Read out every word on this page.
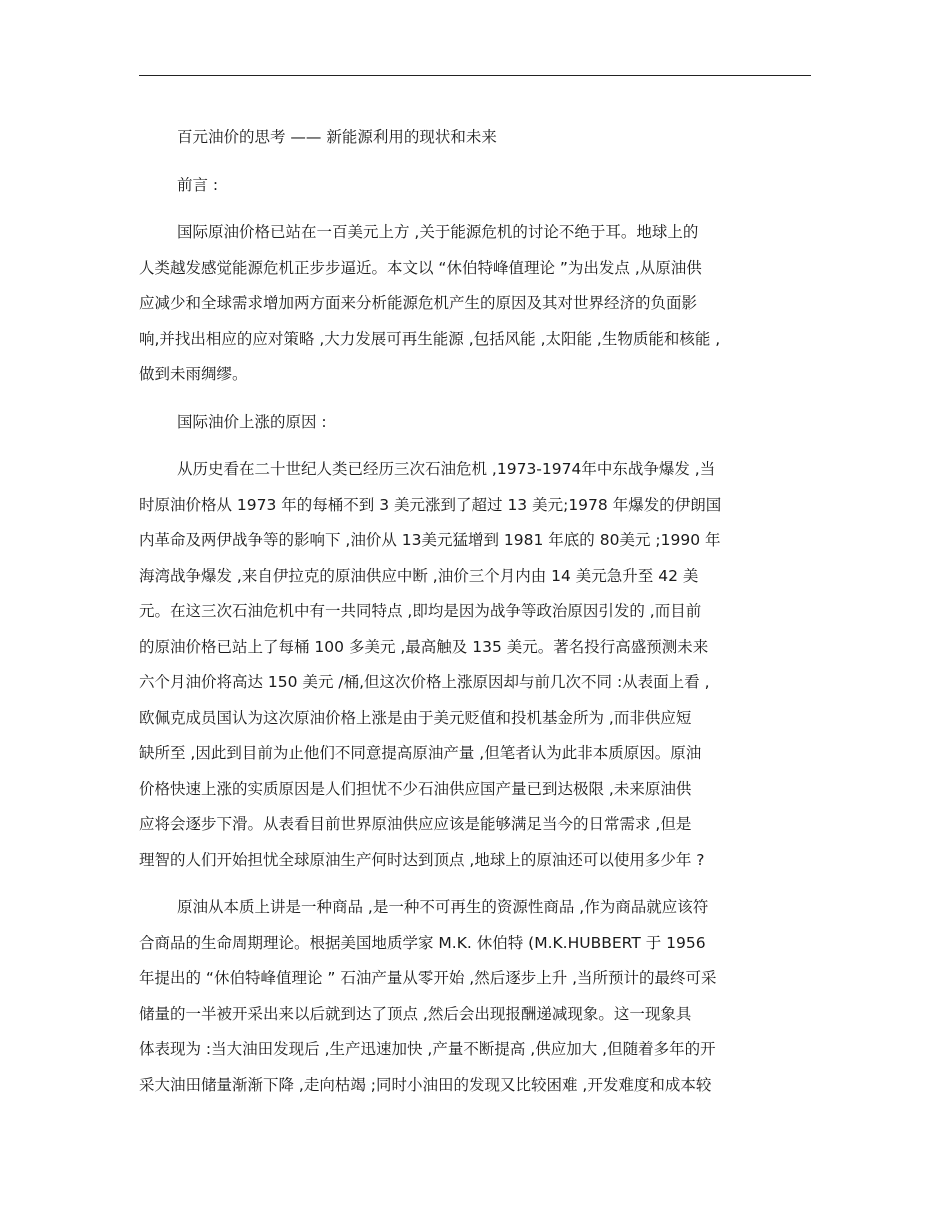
百元油价的思考 —— 新能源利用的现状和未来
前言 :
国际原油价格已站在一百美元上方 ,关于能源危机的讨论不绝于耳。地球上的
人类越发感觉能源危机正步步逼近。本文以 “休伯特峰值理论 ”为出发点 ,从原油供
应减少和全球需求增加两方面来分析能源危机产生的原因及其对世界经济的负面影
响,并找出相应的应对策略 ,大力发展可再生能源 ,包括风能 ,太阳能 ,生物质能和核能 ,
做到未雨绸缪。
国际油价上涨的原因 :
从历史看在二十世纪人类已经历三次石油危机 ,1973-1974年中东战争爆发 ,当
时原油价格从 1973 年的每桶不到 3 美元涨到了超过 13 美元;1978 年爆发的伊朗国
内革命及两伊战争等的影响下 ,油价从 13美元猛增到 1981 年底的 80美元 ;1990 年
海湾战争爆发 ,来自伊拉克的原油供应中断 ,油价三个月内由 14 美元急升至 42 美
元。在这三次石油危机中有一共同特点 ,即均是因为战争等政治原因引发的 ,而目前
的原油价格已站上了每桶 100 多美元 ,最高触及 135 美元。著名投行高盛预测未来
六个月油价将高达 150 美元 /桶,但这次价格上涨原因却与前几次不同 :从表面上看 ,
欧佩克成员国认为这次原油价格上涨是由于美元贬值和投机基金所为 ,而非供应短
缺所至 ,因此到目前为止他们不同意提高原油产量 ,但笔者认为此非本质原因。原油
价格快速上涨的实质原因是人们担忧不少石油供应国产量已到达极限 ,未来原油供
应将会逐步下滑。从表看目前世界原油供应应该是能够满足当今的日常需求 ,但是
理智的人们开始担忧全球原油生产何时达到顶点 ,地球上的原油还可以使用多少年 ?
原油从本质上讲是一种商品 ,是一种不可再生的资源性商品 ,作为商品就应该符
合商品的生命周期理论。根据美国地质学家 M.K. 休伯特 (M.K.HUBBERT 于 1956
年提出的 “休伯特峰值理论 ” 石油产量从零开始 ,然后逐步上升 ,当所预计的最终可采
储量的一半被开采出来以后就到达了顶点 ,然后会出现报酬递减现象。这一现象具
体表现为 :当大油田发现后 ,生产迅速加快 ,产量不断提高 ,供应加大 ,但随着多年的开
采大油田储量渐渐下降 ,走向枯竭 ;同时小油田的发现又比较困难 ,开发难度和成本较
